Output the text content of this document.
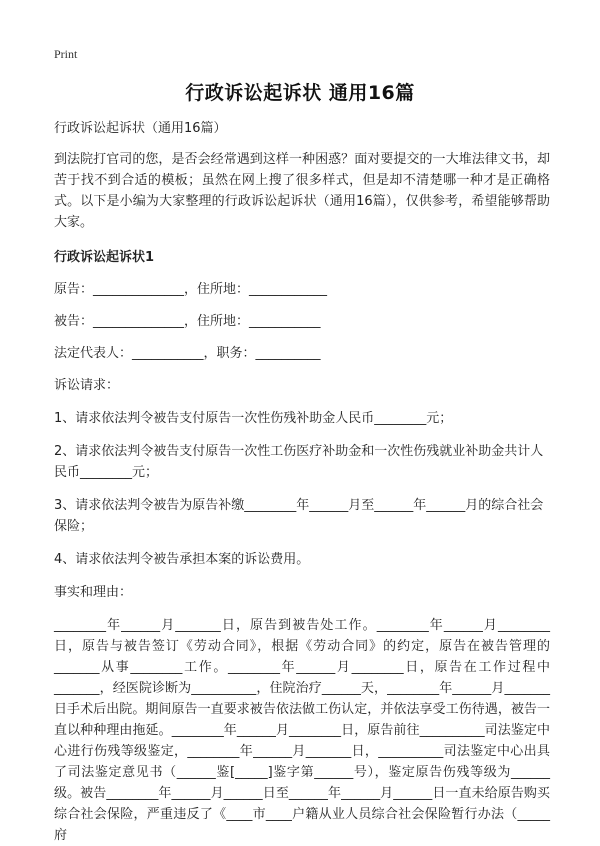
Print
行政诉讼起诉状 通用16篇

行政诉讼起诉状（通用16篇）

到法院打官司的您，是否会经常遇到这样一种困惑？面对要提交的一大堆法律文书，却苦于找不到合适的模板；虽然在网上搜了很多样式，但是却不清楚哪一种才是正确格式。以下是小编为大家整理的行政诉讼起诉状（通用16篇），仅供参考，希望能够帮助大家。

行政诉讼起诉状1

原告：______________，住所地：____________

被告：______________，住所地：___________

法定代表人：___________，职务：__________

诉讼请求：

1、请求依法判令被告支付原告一次性伤残补助金人民币________元；

2、请求依法判令被告支付原告一次性工伤医疗补助金和一次性伤残就业补助金共计人民币________元；

3、请求依法判令被告为原告补缴________年______月至______年______月的综合社会保险；

4、请求依法判令被告承担本案的诉讼费用。

事实和理由：

________年______月_______日，原告到被告处工作。________年______月________日，原告与被告签订《劳动合同》，根据《劳动合同》的约定，原告在被告管理的_______从事________工作。________年______月________日，原告在工作过程中_______，经医院诊断为__________，住院治疗______天，________年______月_______日手术后出院。期间原告一直要求被告依法做工伤认定，并依法享受工伤待遇，被告一直以种种理由拖延。________年______月________日，原告前往__________司法鉴定中心进行伤残等级鉴定，________年______月_______日，__________司法鉴定中心出具了司法鉴定意见书（______鉴[_____]鉴字第______号），鉴定原告伤残等级为______级。被告________年______月______日至______年______月______日一直未给原告购买综合社会保险，严重违反了《____市____户籍从业人员综合社会保险暂行办法（_____府
